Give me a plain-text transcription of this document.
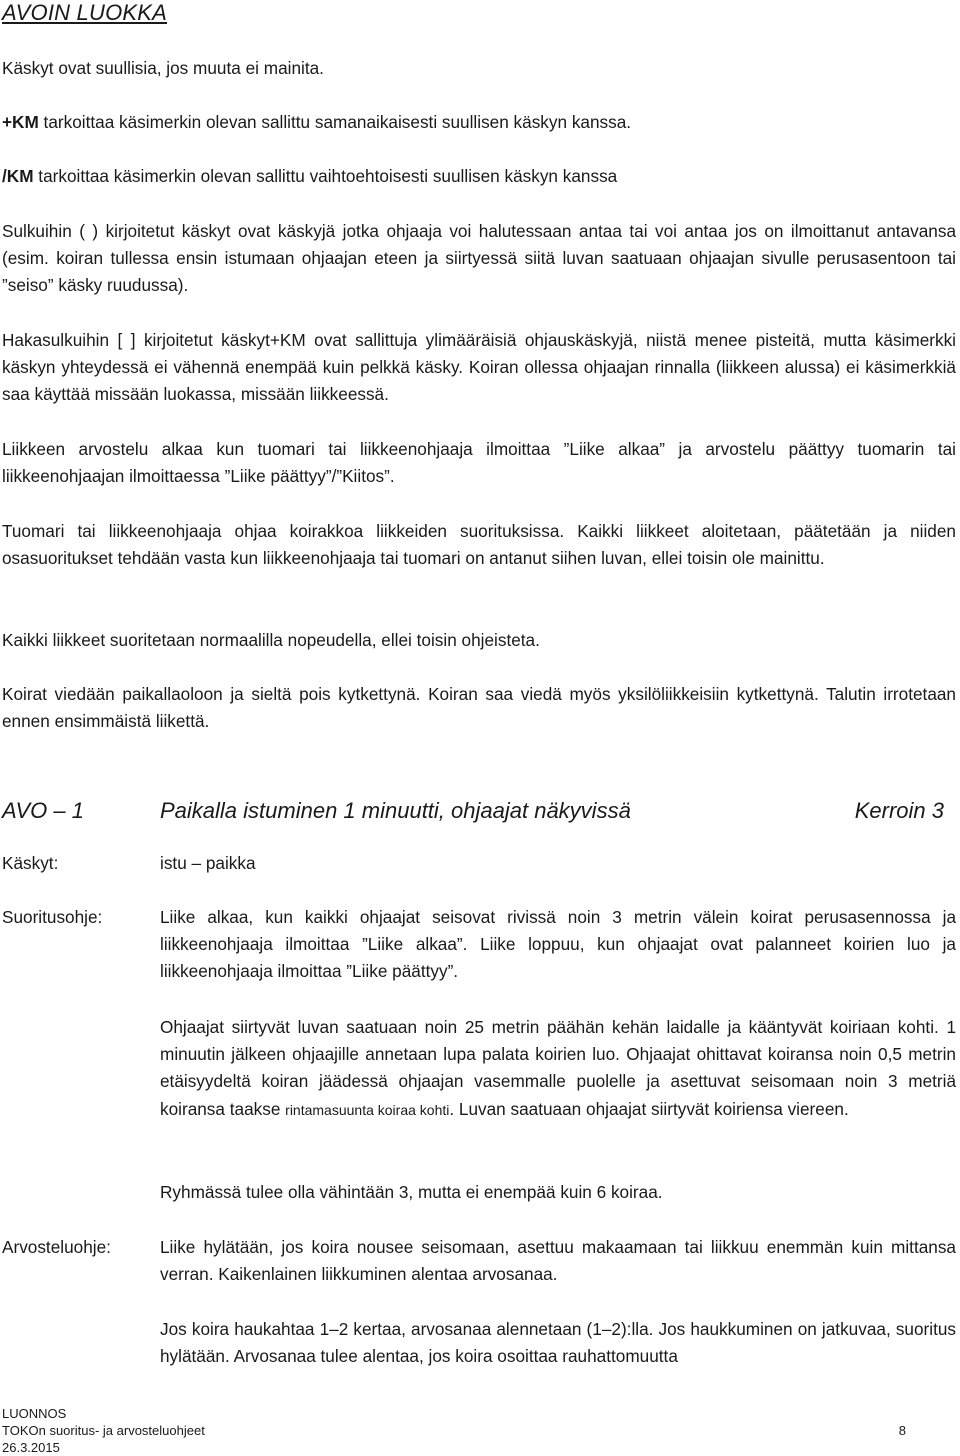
AVOIN LUOKKA

Käskyt ovat suullisia, jos muuta ei mainita.

+KM tarkoittaa käsimerkin olevan sallittu samanaikaisesti suullisen käskyn kanssa.

/KM tarkoittaa käsimerkin olevan sallittu vaihtoehtoisesti suullisen käskyn kanssa

Sulkuihin ( ) kirjoitetut käskyt ovat käskyjä jotka ohjaaja voi halutessaan antaa tai voi antaa jos on ilmoittanut antavansa (esim. koiran tullessa ensin istumaan ohjaajan eteen ja siirtyessä siitä luvan saatuaan ohjaajan sivulle perusasentoon tai ”seiso” käsky ruudussa).

Hakasulkuihin [ ] kirjoitetut käskyt+KM ovat sallittuja ylimääräisiä ohjauskäskyjä, niistä menee pisteitä, mutta käsimerkki käskyn yhteydessä ei vähennä enempää kuin pelkkä käsky. Koiran ollessa ohjaajan rinnalla (liikkeen alussa) ei käsimerkkiä saa käyttää missään luokassa, missään liikkeessä.

Liikkeen arvostelu alkaa kun tuomari tai liikkeenohjaaja ilmoittaa ”Liike alkaa” ja arvostelu päättyy tuomarin tai liikkeenohjaajan ilmoittaessa ”Liike päättyy”/”Kiitos”.

Tuomari tai liikkeenohjaaja ohjaa koirakkoa liikkeiden suorituksissa. Kaikki liikkeet aloitetaan, päätetään ja niiden osasuoritukset tehdään vasta kun liikkeenohjaaja tai tuomari on antanut siihen luvan, ellei toisin ole mainittu.

Kaikki liikkeet suoritetaan normaalilla nopeudella, ellei toisin ohjeisteta.

Koirat viedään paikallaoloon ja sieltä pois kytkettynä. Koiran saa viedä myös yksilöliikkeisiin kytkettynä. Talutin irrotetaan ennen ensimmäistä liikettä.

AVO – 1	Paikalla istuminen 1 minuutti, ohjaajat näkyvissä	Kerroin 3

Käskyt:	istu – paikka

Suoritusohje:	Liike alkaa, kun kaikki ohjaajat seisovat rivissä noin 3 metrin välein koirat perusasennossa ja liikkeenohjaaja ilmoittaa ”Liike alkaa”. Liike loppuu, kun ohjaajat ovat palanneet koirien luo ja liikkeenohjaaja ilmoittaa ”Liike päättyy”.

Ohjaajat siirtyvät luvan saatuaan noin 25 metrin päähän kehän laidalle ja kääntyvät koiriaan kohti. 1 minuutin jälkeen ohjaajille annetaan lupa palata koirien luo. Ohjaajat ohittavat koiransa noin 0,5 metrin etäisyydeltä koiran jäädessä ohjaajan vasemmalle puolelle ja asettuvat seisomaan noin 3 metriä koiransa taakse rintamasuunta koiraa kohti. Luvan saatuaan ohjaajat siirtyvät koiriensa viereen.

Ryhmässä tulee olla vähintään 3, mutta ei enempää kuin 6 koiraa.

Arvosteluohje:	Liike hylätään, jos koira nousee seisomaan, asettuu makaamaan tai liikkuu enemmän kuin mittansa verran. Kaikenlainen liikkuminen alentaa arvosanaa.

Jos koira haukahtaa 1–2 kertaa, arvosanaa alennetaan (1–2):lla. Jos haukkuminen on jatkuvaa, suoritus hylätään. Arvosanaa tulee alentaa, jos koira osoittaa rauhattomuutta

LUONNOS
TOKOn suoritus- ja arvosteluohjeet	8
26.3.2015
